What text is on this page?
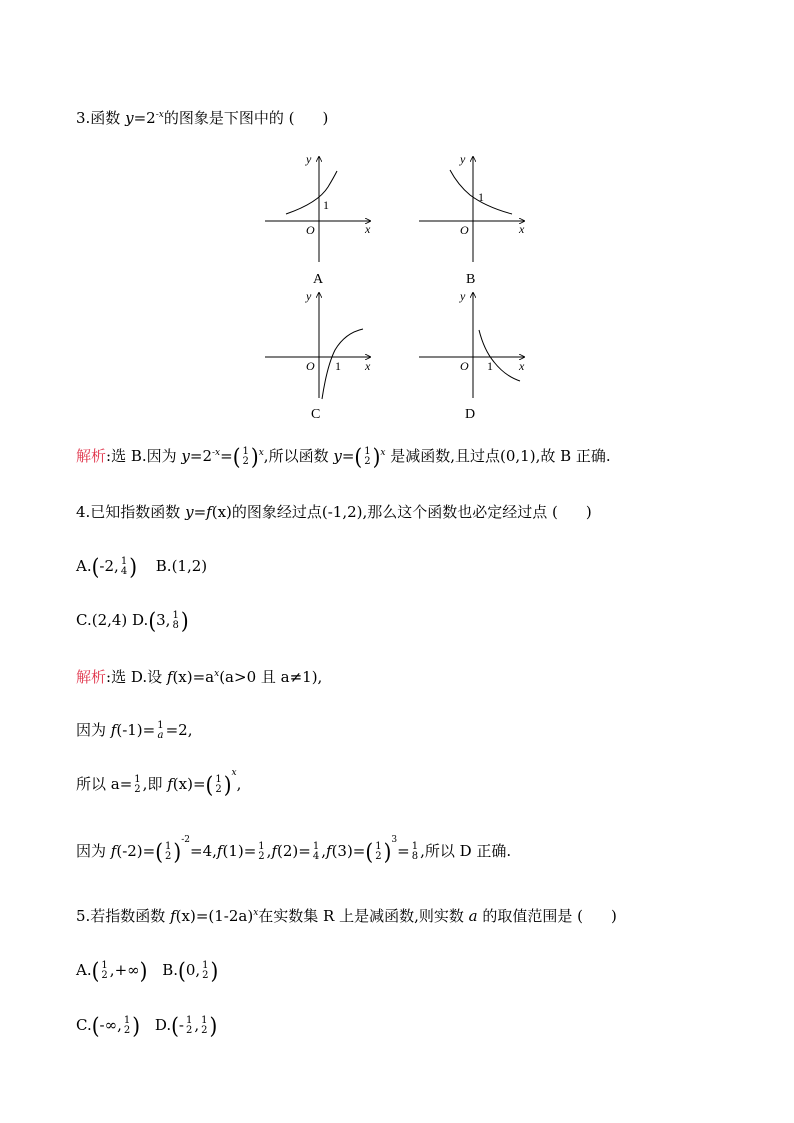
3.函数 $y=2^{-x}$的图象是下图中的 ( )
y
x
O
1
A
y
x
O
1
B
y
x
O 1
C
y
x
O 1
D
解析:选 B.因为 $y=2^{-x}=$( 1
2 )$^x$,所以函数 y=( 1
2 )$^x$ 是减函数,且过点(0,1),故 B 正确.
4.已知指数函数 y=f(x)的图象经过点(-1,2),那么这个函数也必定经过点 ( )
A.(-2, 1
4 ) B.(1,2)
C.(2,4) D.(3, 1
8 )
解析:选 D.设 $f(x)=a^x(a>0$ 且 a≠1),
因为 f(-1)= 1
a =2,
所以 a= 1
2 ,即 f(x)=( 1
2 )$^x$,
因为 f(-2)=( 1
2 )$^{-2}$=4,f(1)= 1
2 ,f(2)= 1
4 ,f(3)=( 1
2 )$^3$= 1
8 ,所以 D 正确.
5.若指数函数 $f(x)=(1-2a)^x$在实数集 R 上是减函数,则实数 a 的取值范围是 ( )
A.( 1
2 ,+∞) B.(0, 1
2 )
C.(-∞, 1
2 ) D.(- 1
2 , 1
2 )
